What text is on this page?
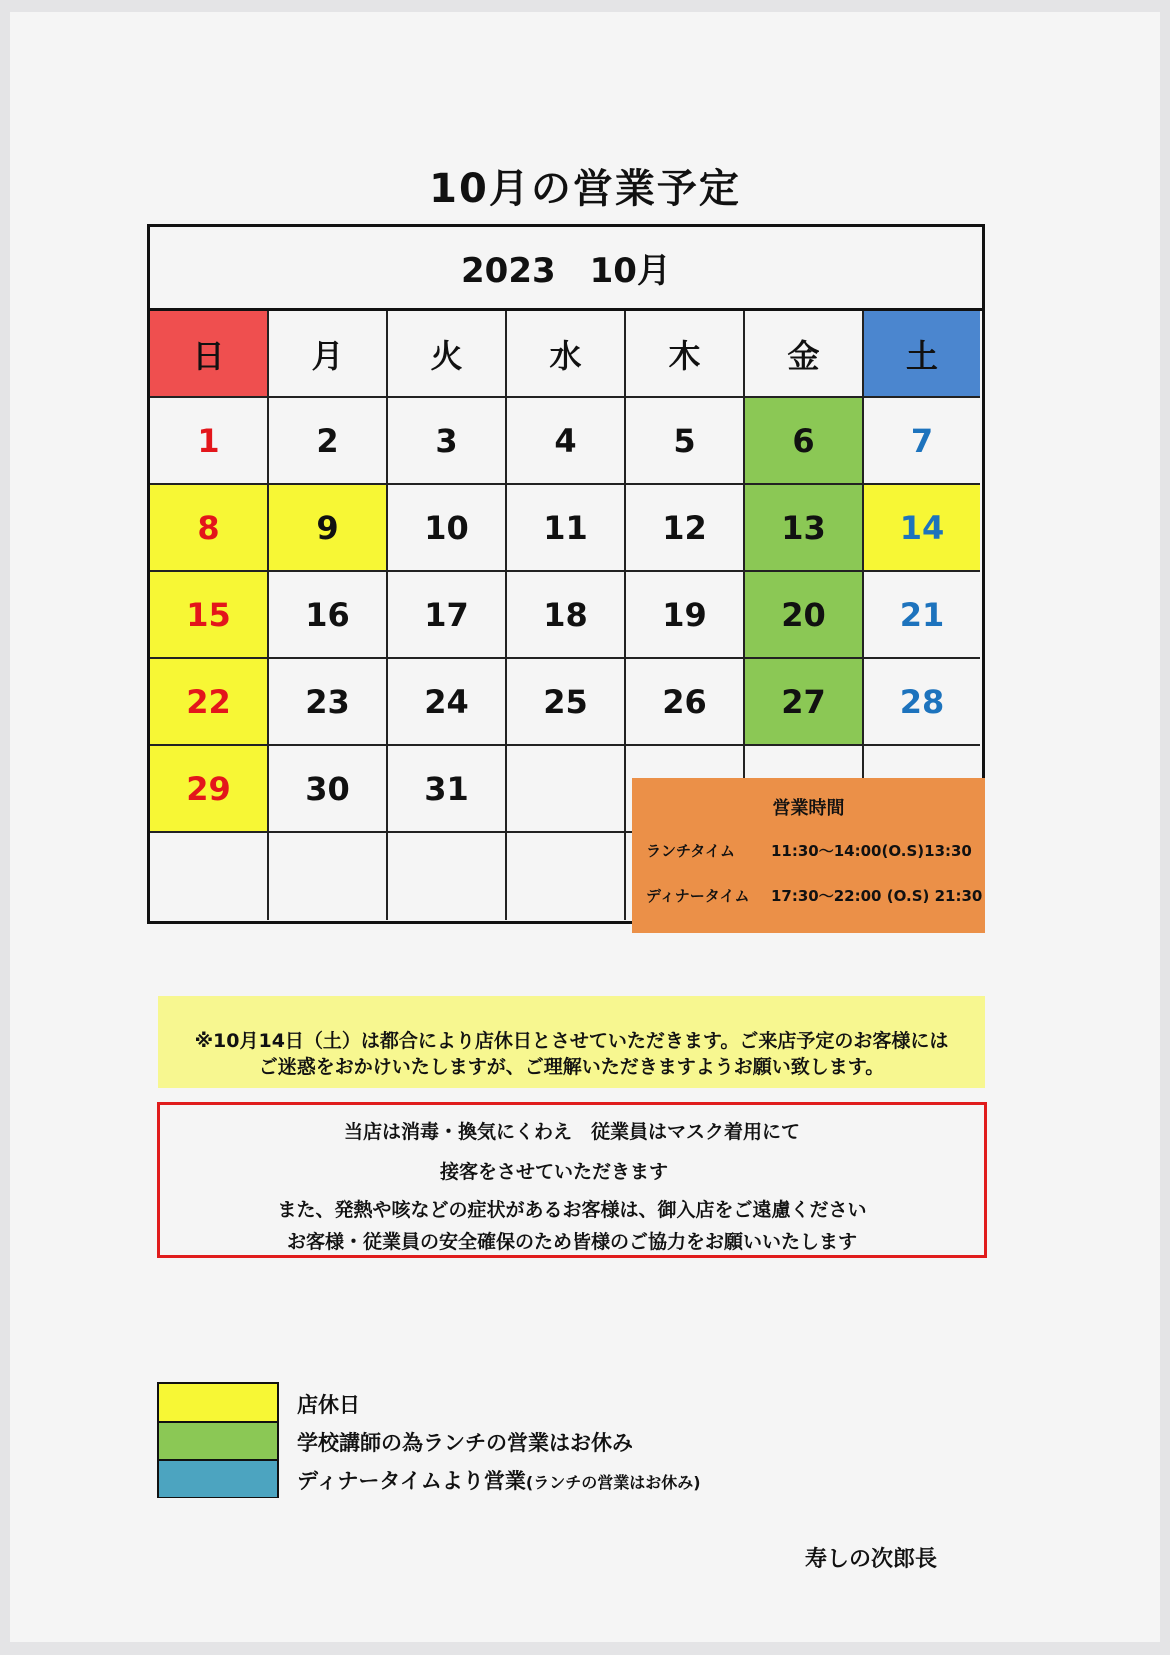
10月の営業予定
2023　10月
日	月	火	水	木	金	土
1	2	3	4	5	6	7
8	9	10	11	12	13	14
15	16	17	18	19	20	21
22	23	24	25	26	27	28
29	30	31
営業時間
ランチタイム 11:30～14:00(O.S)13:30
ディナータイム 17:30～22:00 (O.S) 21:30
※10月14日（土）は都合により店休日とさせていただきます。ご来店予定のお客様には
ご迷惑をおかけいたしますが、ご理解いただきますようお願い致します。
当店は消毒・換気にくわえ　従業員はマスク着用にて
接客をさせていただきます
また、発熱や咳などの症状があるお客様は、御入店をご遠慮ください
お客様・従業員の安全確保のため皆様のご協力をお願いいたします
店休日
学校講師の為ランチの営業はお休み
ディナータイムより営業(ランチの営業はお休み)
寿しの次郎長
